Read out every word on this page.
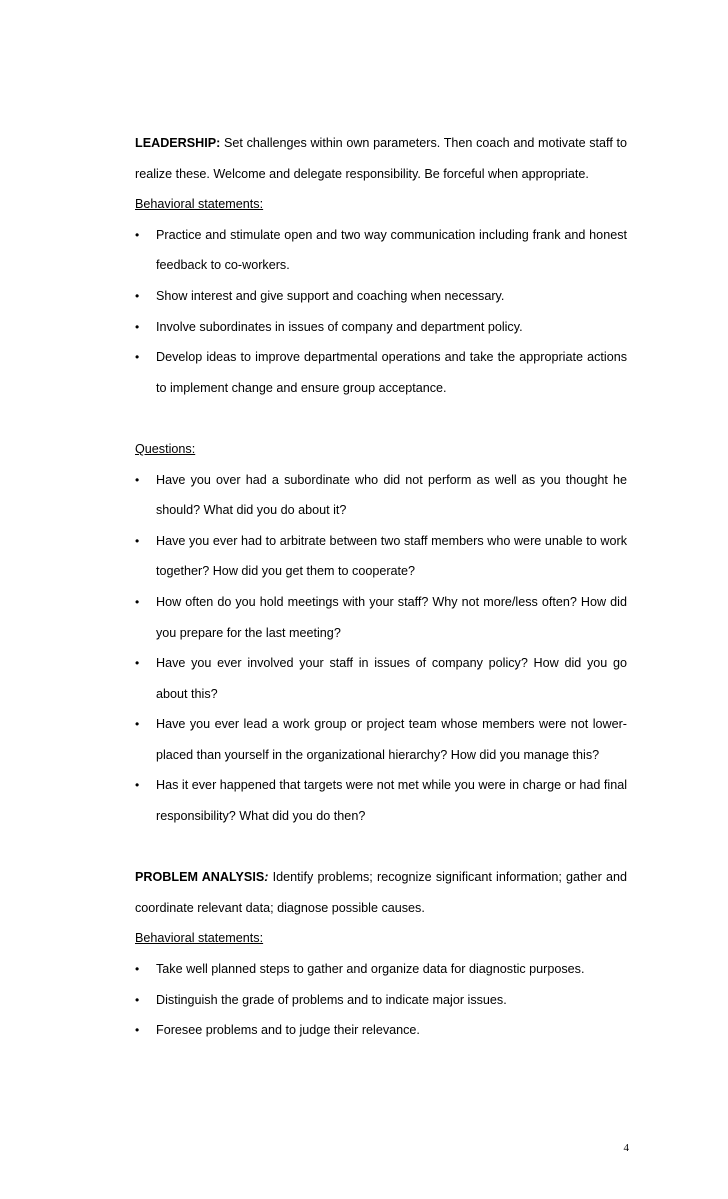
LEADERSHIP: Set challenges within own parameters. Then coach and motivate staff to realize these. Welcome and delegate responsibility. Be forceful when appropriate.

Behavioral statements:

• Practice and stimulate open and two way communication including frank and honest feedback to co-workers.
• Show interest and give support and coaching when necessary.
• Involve subordinates in issues of company and department policy.
• Develop ideas to improve departmental operations and take the appropriate actions to implement change and ensure group acceptance.

Questions:

• Have you over had a subordinate who did not perform as well as you thought he should? What did you do about it?
• Have you ever had to arbitrate between two staff members who were unable to work together? How did you get them to cooperate?
• How often do you hold meetings with your staff? Why not more/less often? How did you prepare for the last meeting?
• Have you ever involved your staff in issues of company policy? How did you go about this?
• Have you ever lead a work group or project team whose members were not lower-placed than yourself in the organizational hierarchy? How did you manage this?
• Has it ever happened that targets were not met while you were in charge or had final responsibility? What did you do then?

PROBLEM ANALYSIS: Identify problems; recognize significant information; gather and coordinate relevant data; diagnose possible causes.

Behavioral statements:

• Take well planned steps to gather and organize data for diagnostic purposes.
• Distinguish the grade of problems and to indicate major issues.
• Foresee problems and to judge their relevance.
4
